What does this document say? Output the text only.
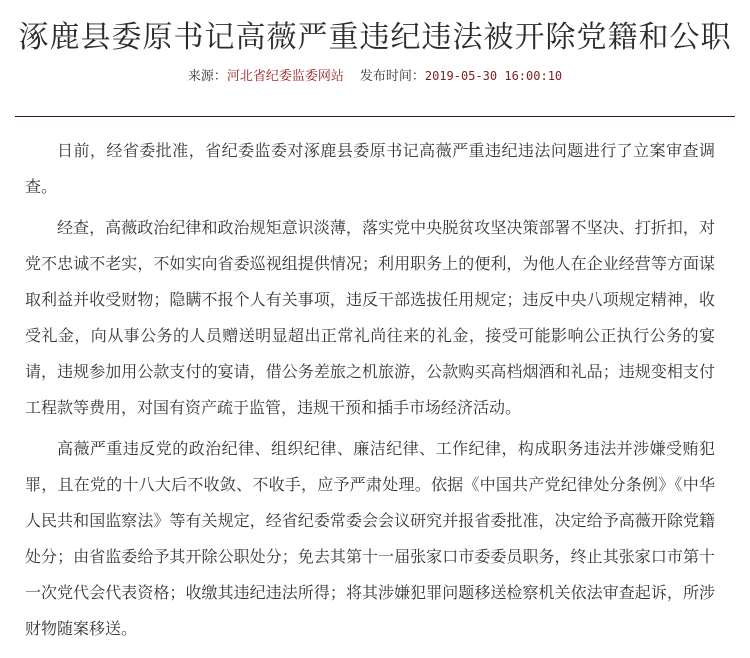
涿鹿县委原书记高薇严重违纪违法被开除党籍和公职
来源：河北省纪委监委网站 发布时间：2019-05-30 16:00:10

日前，经省委批准，省纪委监委对涿鹿县委原书记高薇严重违纪违法问题进行了立案审查调查。

经查，高薇政治纪律和政治规矩意识淡薄，落实党中央脱贫攻坚决策部署不坚决、打折扣，对党不忠诚不老实，不如实向省委巡视组提供情况；利用职务上的便利，为他人在企业经营等方面谋取利益并收受财物；隐瞒不报个人有关事项，违反干部选拔任用规定；违反中央八项规定精神，收受礼金，向从事公务的人员赠送明显超出正常礼尚往来的礼金，接受可能影响公正执行公务的宴请，违规参加用公款支付的宴请，借公务差旅之机旅游，公款购买高档烟酒和礼品；违规变相支付工程款等费用，对国有资产疏于监管，违规干预和插手市场经济活动。

高薇严重违反党的政治纪律、组织纪律、廉洁纪律、工作纪律，构成职务违法并涉嫌受贿犯罪，且在党的十八大后不收敛、不收手，应予严肃处理。依据《中国共产党纪律处分条例》《中华人民共和国监察法》等有关规定，经省纪委常委会会议研究并报省委批准，决定给予高薇开除党籍处分；由省监委给予其开除公职处分；免去其第十一届张家口市委委员职务，终止其张家口市第十一次党代会代表资格；收缴其违纪违法所得；将其涉嫌犯罪问题移送检察机关依法审查起诉，所涉财物随案移送。
